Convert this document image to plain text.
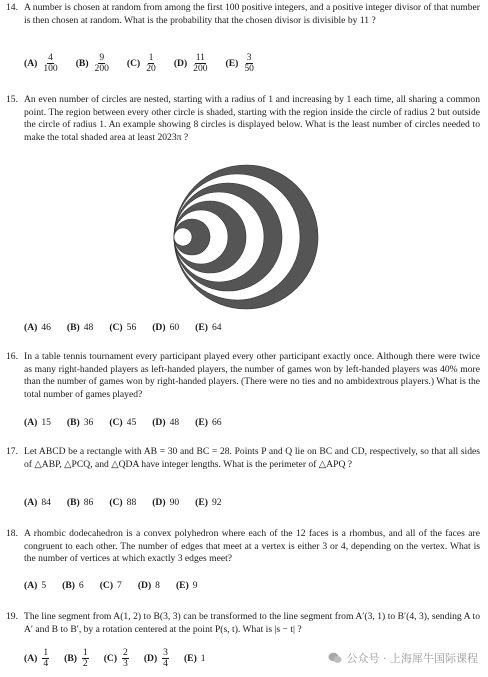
14. A number is chosen at random from among the first 100 positive integers, and a positive integer divisor of that number is then chosen at random. What is the probability that the chosen divisor is divisible by 11 ?
$(A) \frac{4}{100} (B) \frac{9}{200} (C) \frac{1}{20} (D) \frac{11}{200} (E) \frac{3}{50}$
15. An even number of circles are nested, starting with a radius of 1 and increasing by 1 each time, all sharing a common point. The region between every other circle is shaded, starting with the region inside the circle of radius 2 but outside the circle of radius 1. An example showing 8 circles is displayed below. What is the least number of circles needed to make the total shaded area at least 2023π ?
(A) 46 (B) 48 (C) 56 (D) 60 (E) 64
16. In a table tennis tournament every participant played every other participant exactly once. Although there were twice as many right-handed players as left-handed players, the number of games won by left-handed players was 40% more than the number of games won by right-handed players. (There were no ties and no ambidextrous players.) What is the total number of games played?
(A) 15 (B) 36 (C) 45 (D) 48 (E) 66
17. Let ABCD be a rectangle with AB = 30 and BC = 28. Points P and Q lie on BC and CD, respectively, so that all sides of △ABP, △PCQ, and △QDA have integer lengths. What is the perimeter of △APQ ?
(A) 84 (B) 86 (C) 88 (D) 90 (E) 92
18. A rhombic dodecahedron is a convex polyhedron where each of the 12 faces is a rhombus, and all of the faces are congruent to each other. The number of edges that meet at a vertex is either 3 or 4, depending on the vertex. What is the number of vertices at which exactly 3 edges meet?
(A) 5 (B) 6 (C) 7 (D) 8 (E) 9
19. The line segment from A(1, 2) to B(3, 3) can be transformed to the line segment from A′(3, 1) to B′(4, 3), sending A to A′ and B to B′, by a rotation centered at the point P(s, t). What is |s − t| ?
$(A) \frac{1}{4} (B) \frac{1}{2} (C) \frac{2}{3} (D) \frac{3}{4} (E)$ 1	公众号 · 上海犀牛国际课程
